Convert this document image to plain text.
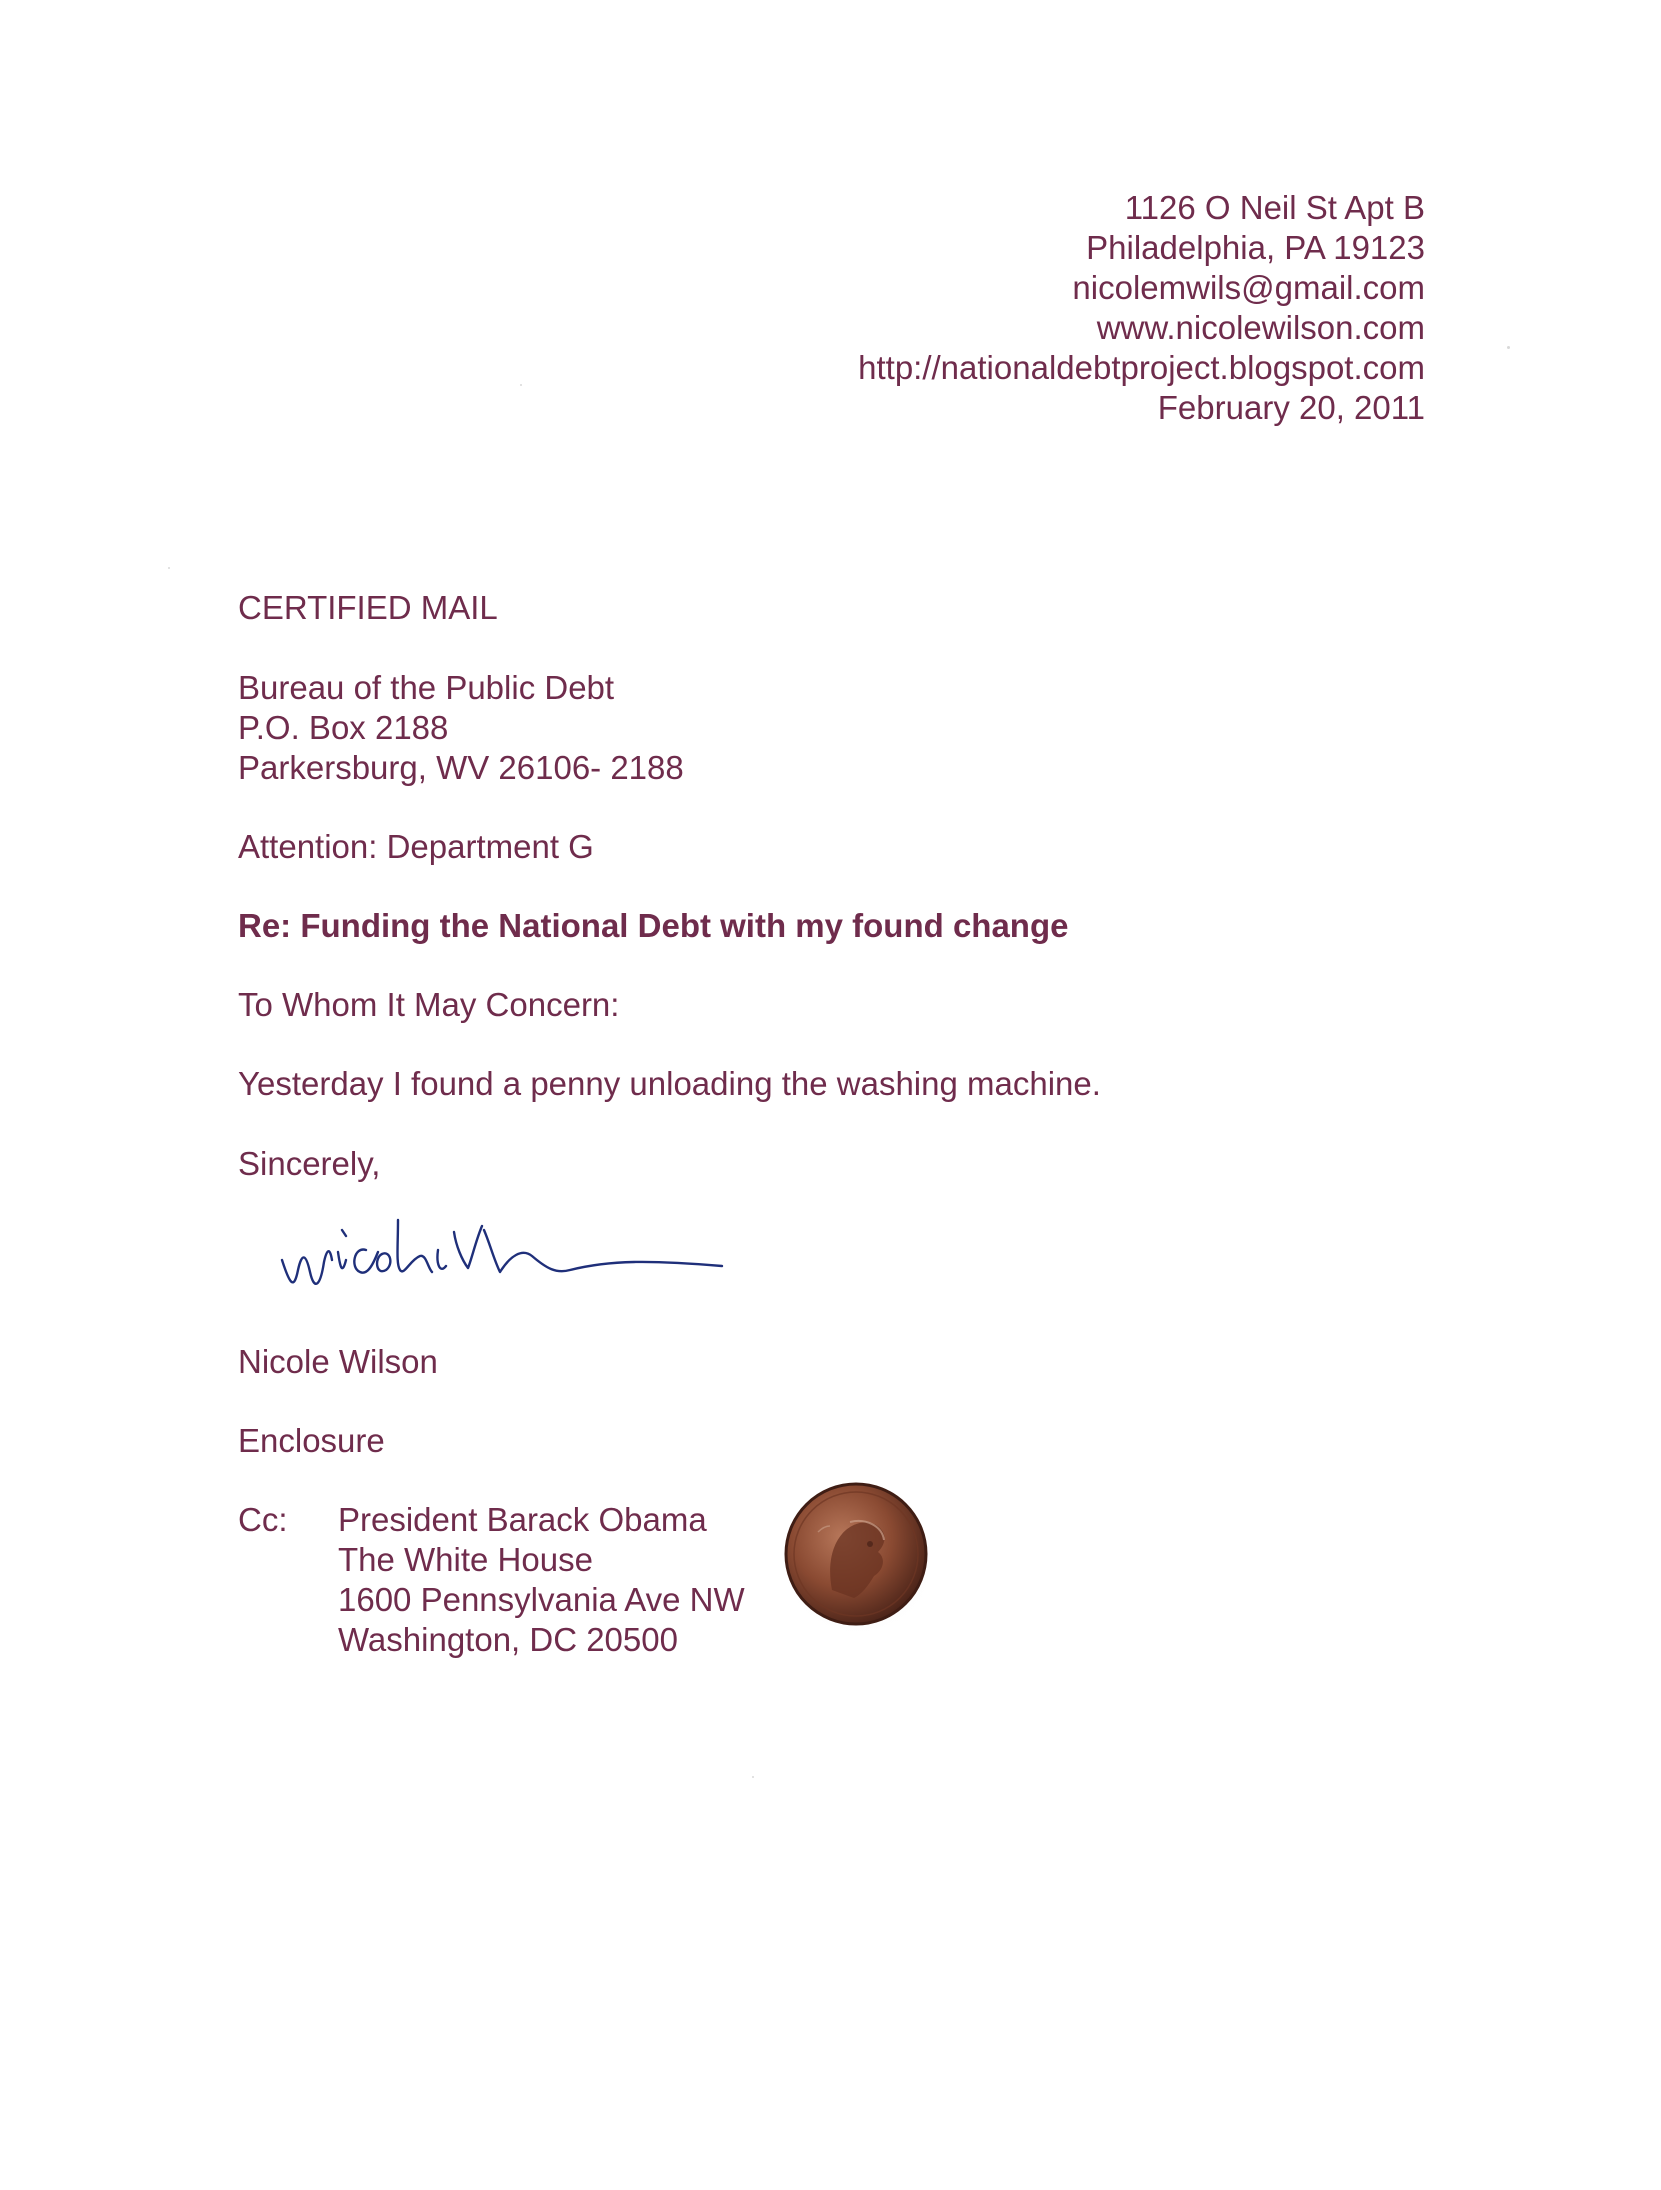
1126 O Neil St Apt B
Philadelphia, PA 19123
nicolemwils@gmail.com
www.nicolewilson.com
http://nationaldebtproject.blogspot.com
February 20, 2011
CERTIFIED MAIL
Bureau of the Public Debt
P.O. Box 2188
Parkersburg, WV 26106- 2188
Attention: Department G
Re: Funding the National Debt with my found change
To Whom It May Concern:
Yesterday I found a penny unloading the washing machine.
Sincerely,
Nicole Wilson
Enclosure
Cc: President Barack Obama
The White House
1600 Pennsylvania Ave NW
Washington, DC 20500
